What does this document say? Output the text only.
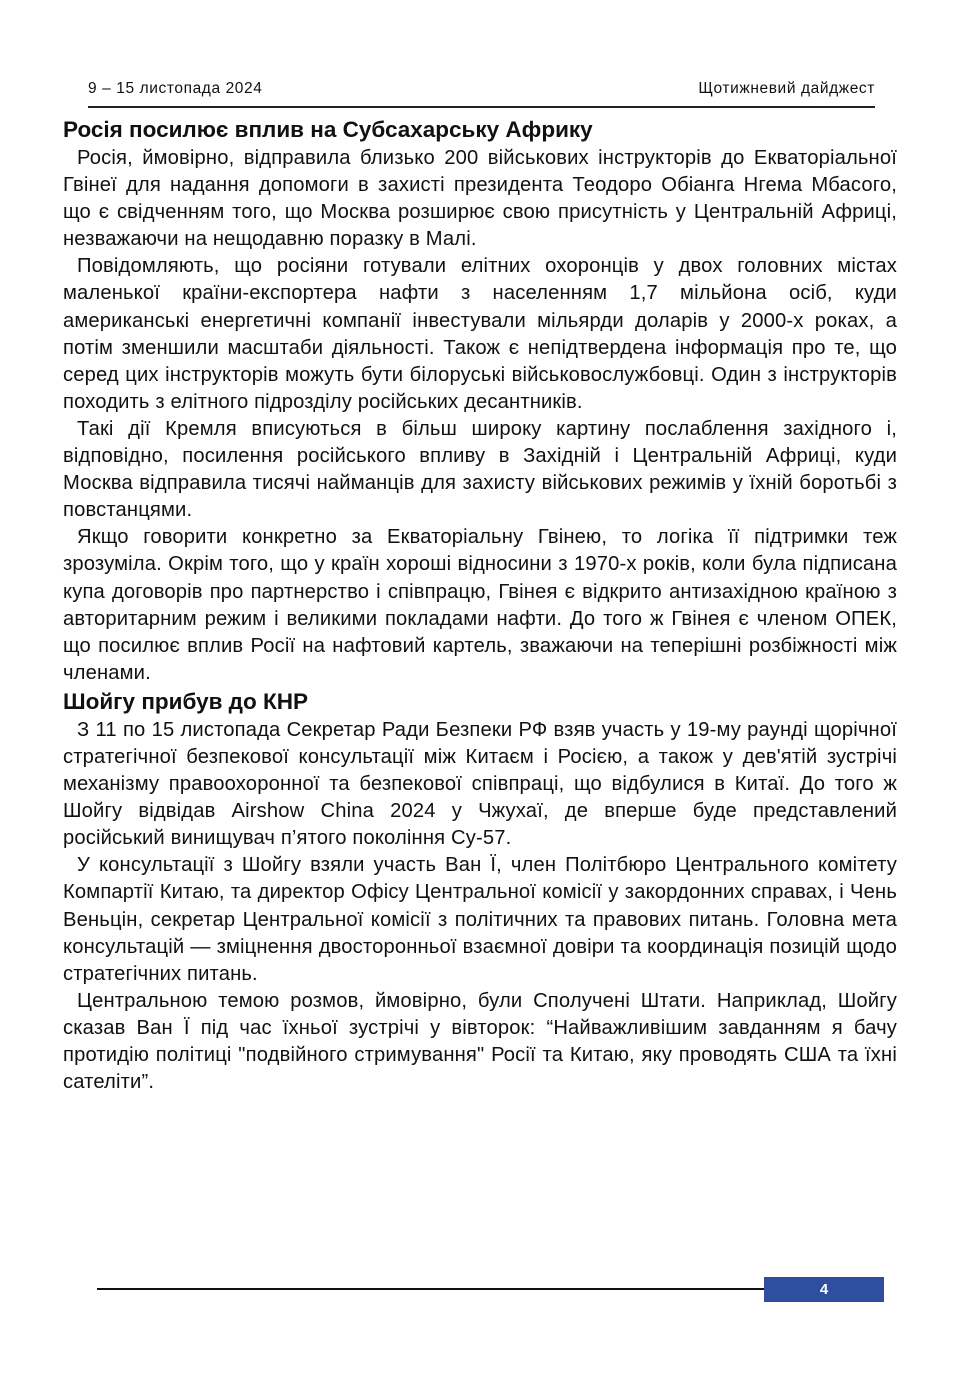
9 – 15 листопада 2024	Щотижневий дайджест
Росія посилює вплив на Субсахарську Африку

Росія, ймовірно, відправила близько 200 військових інструкторів до Екваторіальної Гвінеї для надання допомоги в захисті президента Теодоро Обіанга Нгема Мбасого, що є свідченням того, що Москва розширює свою присутність у Центральній Африці, незважаючи на нещодавню поразку в Малі.

Повідомляють, що росіяни готували елітних охоронців у двох головних містах маленької країни-експортера нафти з населенням 1,7 мільйона осіб, куди американські енергетичні компанії інвестували мільярди доларів у 2000-х роках, а потім зменшили масштаби діяльності. Також є непідтвердена інформація про те, що серед цих інструкторів можуть бути білоруські військовослужбовці. Один з інструкторів походить з елітного підрозділу російських десантників.

Такі дії Кремля вписуються в більш широку картину послаблення західного і, відповідно, посилення російського впливу в Західній і Центральній Африці, куди Москва відправила тисячі найманців для захисту військових режимів у їхній боротьбі з повстанцями.

Якщо говорити конкретно за Екваторіальну Гвінею, то логіка її підтримки теж зрозуміла. Окрім того, що у країн хороші відносини з 1970-х років, коли була підписана купа договорів про партнерство і співпрацю, Гвінея є відкрито антизахідною країною з авторитарним режим і великими покладами нафти. До того ж Гвінея є членом ОПЕК, що посилює вплив Росії на нафтовий картель, зважаючи на теперішні розбіжності між членами.

Шойгу прибув до КНР

З 11 по 15 листопада Секретар Ради Безпеки РФ взяв участь у 19-му раунді щорічної стратегічної безпекової консультації між Китаєм і Росією, а також у дев'ятій зустрічі механізму правоохоронної та безпекової співпраці, що відбулися в Китаї. До того ж Шойгу відвідав Airshow China 2024 у Чжухаї, де вперше буде представлений російський винищувач п’ятого покоління Су-57.

У консультації з Шойгу взяли участь Ван Ї, член Політбюро Центрального комітету Компартії Китаю, та директор Офісу Центральної комісії у закордонних справах, і Чень Веньцін, секретар Центральної комісії з політичних та правових питань. Головна мета консультацій — зміцнення двосторонньої взаємної довіри та координація позицій щодо стратегічних питань.

Центральною темою розмов, ймовірно, були Сполучені Штати. Наприклад, Шойгу сказав Ван Ї під час їхньої зустрічі у вівторок: “Найважливішим завданням я бачу протидію політиці "подвійного стримування" Росії та Китаю, яку проводять США та їхні сателіти”.

4
